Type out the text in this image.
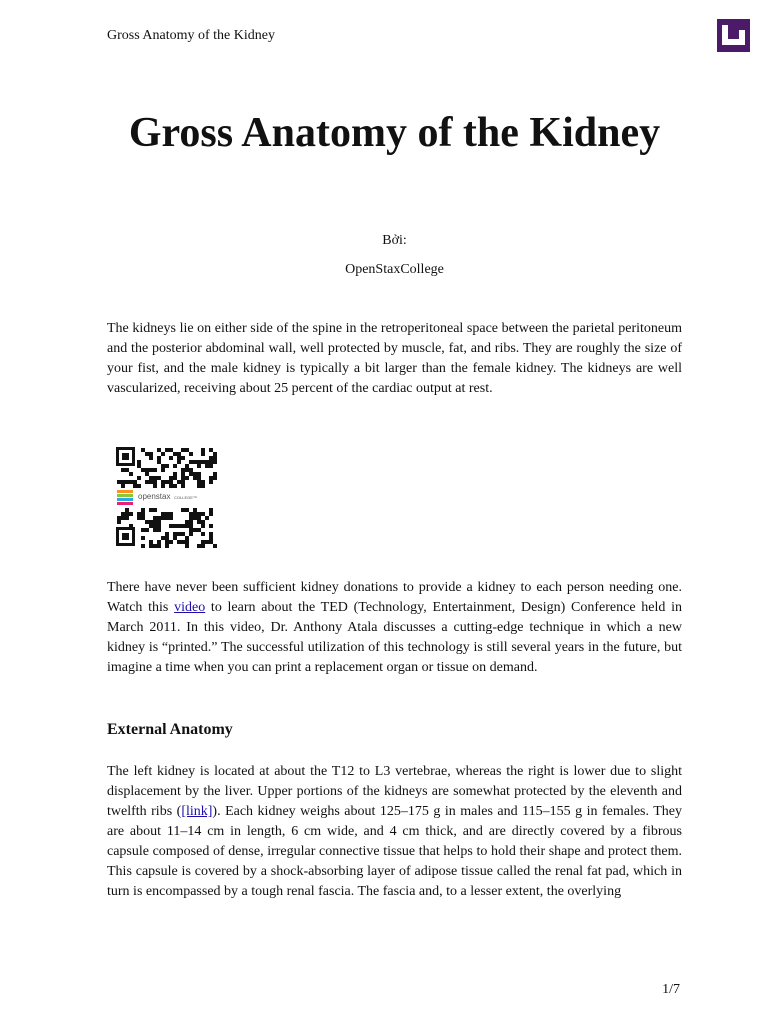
Gross Anatomy of the Kidney
Gross Anatomy of the Kidney
Bởi:
OpenStaxCollege

The kidneys lie on either side of the spine in the retroperitoneal space between the parietal peritoneum and the posterior abdominal wall, well protected by muscle, fat, and ribs. They are roughly the size of your fist, and the male kidney is typically a bit larger than the female kidney. The kidneys are well vascularized, receiving about 25 percent of the cardiac output at rest.

openstax COLLEGE™

There have never been sufficient kidney donations to provide a kidney to each person needing one. Watch this video to learn about the TED (Technology, Entertainment, Design) Conference held in March 2011. In this video, Dr. Anthony Atala discusses a cutting-edge technique in which a new kidney is “printed.” The successful utilization of this technology is still several years in the future, but imagine a time when you can print a replacement organ or tissue on demand.

External Anatomy

The left kidney is located at about the T12 to L3 vertebrae, whereas the right is lower due to slight displacement by the liver. Upper portions of the kidneys are somewhat protected by the eleventh and twelfth ribs ([link]). Each kidney weighs about 125–175 g in males and 115–155 g in females. They are about 11–14 cm in length, 6 cm wide, and 4 cm thick, and are directly covered by a fibrous capsule composed of dense, irregular connective tissue that helps to hold their shape and protect them. This capsule is covered by a shock-absorbing layer of adipose tissue called the renal fat pad, which in turn is encompassed by a tough renal fascia. The fascia and, to a lesser extent, the overlying

1/7
